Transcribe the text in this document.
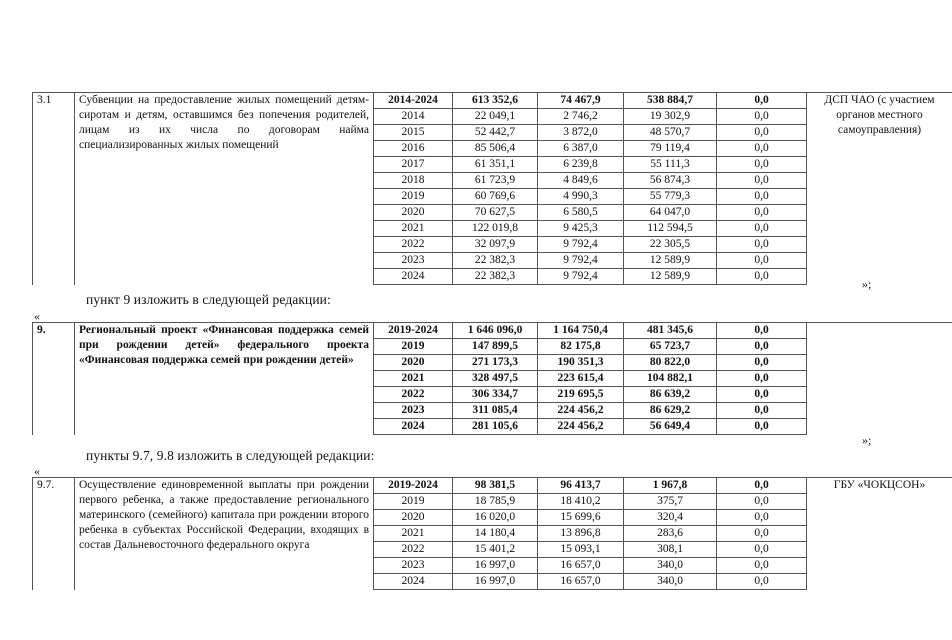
3.1	Субвенции на предоставление жилых помещений детям-сиротам и детям, оставшимся без попечения родителей, лицам из их числа по договорам найма специализированных жилых помещений	2014-2024	613 352,6	74 467,9	538 884,7	0,0	ДСП ЧАО (с участием органов местного самоуправления)
		2014	22 049,1	2 746,2	19 302,9	0,0	
		2015	52 442,7	3 872,0	48 570,7	0,0	
		2016	85 506,4	6 387,0	79 119,4	0,0	
		2017	61 351,1	6 239,8	55 111,3	0,0	
		2018	61 723,9	4 849,6	56 874,3	0,0	
		2019	60 769,6	4 990,3	55 779,3	0,0	
		2020	70 627,5	6 580,5	64 047,0	0,0	
		2021	122 019,8	9 425,3	112 594,5	0,0	
		2022	32 097,9	9 792,4	22 305,5	0,0	
		2023	22 382,3	9 792,4	12 589,9	0,0	
		2024	22 382,3	9 792,4	12 589,9	0,0	
»;
пункт 9 изложить в следующей редакции:
«
9.	Региональный проект «Финансовая поддержка семей при рождении детей» федерального проекта «Финансовая поддержка семей при рождении детей»	2019-2024	1 646 096,0	1 164 750,4	481 345,6	0,0	
		2019	147 899,5	82 175,8	65 723,7	0,0	
		2020	271 173,3	190 351,3	80 822,0	0,0	
		2021	328 497,5	223 615,4	104 882,1	0,0	
		2022	306 334,7	219 695,5	86 639,2	0,0	
		2023	311 085,4	224 456,2	86 629,2	0,0	
		2024	281 105,6	224 456,2	56 649,4	0,0	
»;
пункты 9.7, 9.8 изложить в следующей редакции:
«
9.7.	Осуществление единовременной выплаты при рождении первого ребенка, а также предоставление регионального материнского (семейного) капитала при рождении второго ребенка в субъектах Российской Федерации, входящих в состав Дальневосточного федерального округа	2019-2024	98 381,5	96 413,7	1 967,8	0,0	ГБУ «ЧОКЦСОН»
		2019	18 785,9	18 410,2	375,7	0,0	
		2020	16 020,0	15 699,6	320,4	0,0	
		2021	14 180,4	13 896,8	283,6	0,0	
		2022	15 401,2	15 093,1	308,1	0,0	
		2023	16 997,0	16 657,0	340,0	0,0	
		2024	16 997,0	16 657,0	340,0	0,0	
